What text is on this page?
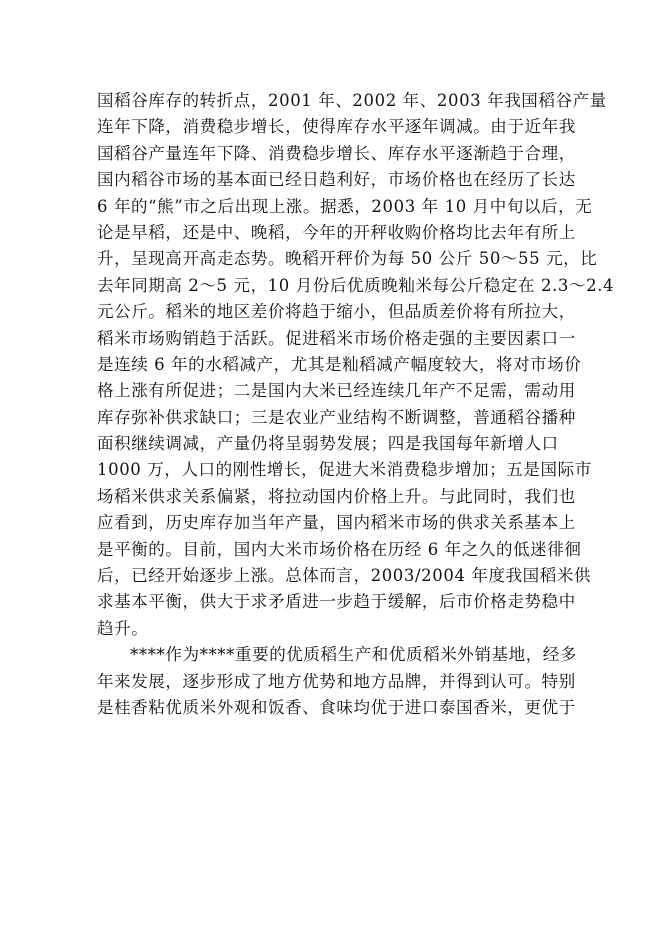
国稻谷库存的转折点，2001 年、2002 年、2003 年我国稻谷产量
连年下降，消费稳步增长，使得库存水平逐年调减。由于近年我
国稻谷产量连年下降、消费稳步增长、库存水平逐渐趋于合理，
国内稻谷市场的基本面已经日趋利好，市场价格也在经历了长达
6 年的“熊”市之后出现上涨。据悉，2003 年 10 月中旬以后，无
论是早稻，还是中、晚稻，今年的开秤收购价格均比去年有所上
升，呈现高开高走态势。晚稻开秤价为每 50 公斤 50～55 元，比
去年同期高 2～5 元，10 月份后优质晚籼米每公斤稳定在 2.3～2.4
元公斤。稻米的地区差价将趋于缩小，但品质差价将有所拉大，
稻米市场购销趋于活跃。促进稻米市场价格走强的主要因素口一
是连续 6 年的水稻减产，尤其是籼稻减产幅度较大，将对市场价
格上涨有所促进；二是国内大米已经连续几年产不足需，需动用
库存弥补供求缺口；三是农业产业结构不断调整，普通稻谷播种
面积继续调减，产量仍将呈弱势发展；四是我国每年新增人口
1000 万，人口的刚性增长，促进大米消费稳步增加；五是国际市
场稻米供求关系偏紧，将拉动国内价格上升。与此同时，我们也
应看到，历史库存加当年产量，国内稻米市场的供求关系基本上
是平衡的。目前，国内大米市场价格在历经 6 年之久的低迷徘徊
后，已经开始逐步上涨。总体而言，2003/2004 年度我国稻米供
求基本平衡，供大于求矛盾进一步趋于缓解，后市价格走势稳中
趋升。
****作为****重要的优质稻生产和优质稻米外销基地，经多
年来发展，逐步形成了地方优势和地方品牌，并得到认可。特别
是桂香粘优质米外观和饭香、食味均优于进口泰国香米，更优于
